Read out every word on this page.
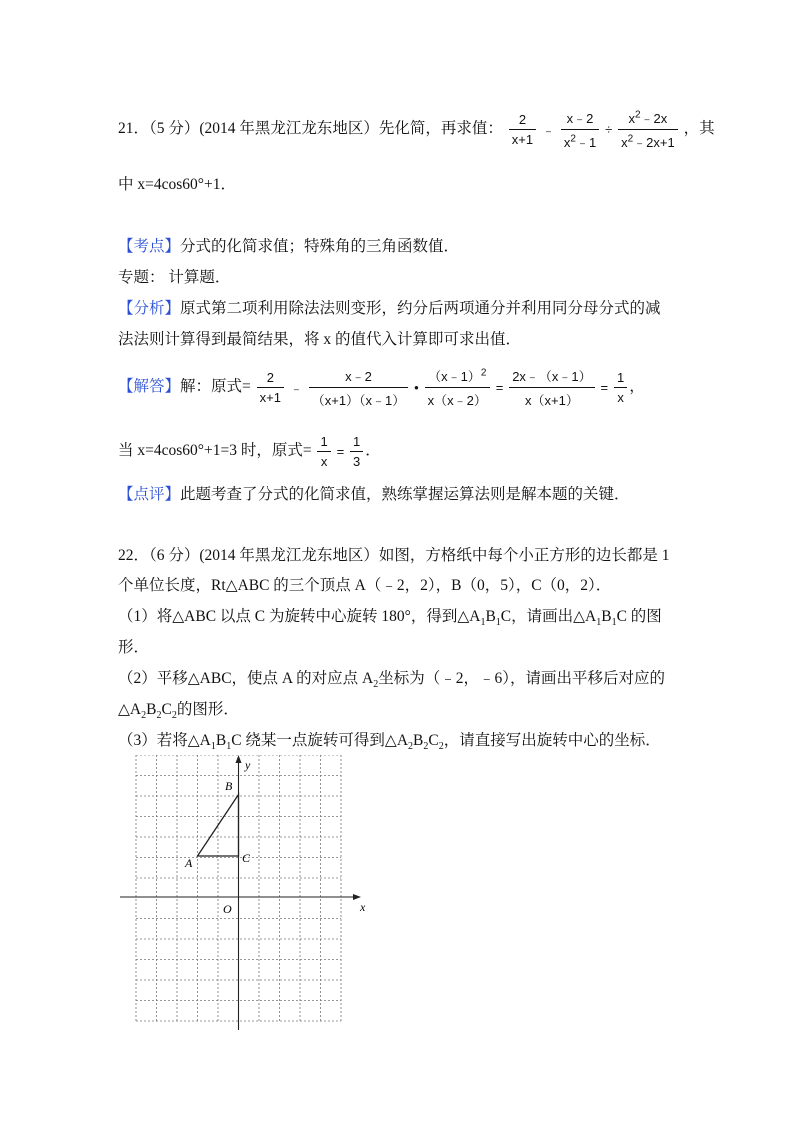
21．（5 分）(2014 年黑龙江龙东地区）先化简，再求值： $\frac{2}{x+1}$ ﹣ $\frac{x﹣2}{x^2﹣1} \div \frac{x^2﹣2x}{x^2﹣2x+1}$ ，其
中 x=4cos60°+1．
【考点】分式的化简求值；特殊角的三角函数值．
专题： 计算题．
【分析】原式第二项利用除法法则变形，约分后两项通分并利用同分母分式的减
法法则计算得到最简结果，将 x 的值代入计算即可求出值．
【解答】解：原式= $\frac{2}{x+1}$ ﹣ $\frac{x﹣2}{(x+1)(x﹣1)}$ • $\frac{(x﹣1)^2}{x(x﹣2)} = \frac{2x﹣(x﹣1)}{x(x+1)} = \frac{1}{x}$ ，
当 x=4cos60°+1=3 时，原式= $\frac{1}{x} = \frac{1}{3}$ ．
【点评】此题考查了分式的化简求值，熟练掌握运算法则是解本题的关键．
22．（6 分）(2014 年黑龙江龙东地区）如图，方格纸中每个小正方形的边长都是 1
个单位长度，Rt△ABC 的三个顶点 A（﹣2，2），B（0，5），C（0，2）．
（1）将△ABC 以点 C 为旋转中心旋转 180°，得到$\triangle A_1B_1C$，请画出$\triangle A_1B_1C$ 的图
形．
（2）平移△ABC，使点 A 的对应点 $A_2$坐标为（﹣2，﹣6），请画出平移后对应的
$\triangle A_2B_2C_2$的图形．
（3）若将$\triangle A_1B_1C$ 绕某一点旋转可得到$\triangle A_2B_2C_2$，请直接写出旋转中心的坐标．
x
y
O
A
B
C
